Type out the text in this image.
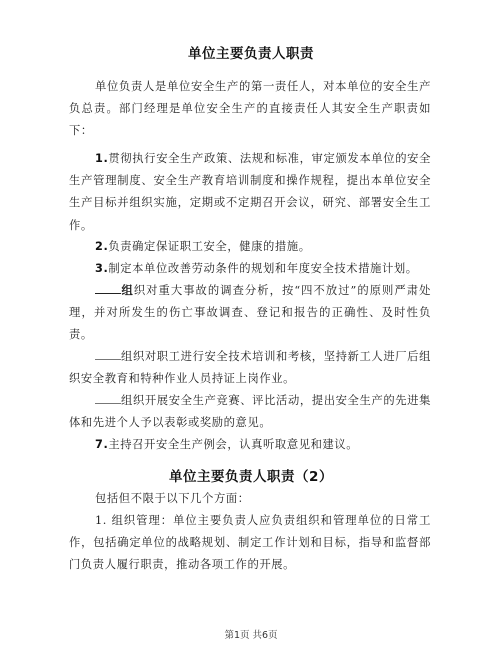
单位主要负责人职责
单位负责人是单位安全生产的第一责任人，对本单位的安全生产负总责。部门经理是单位安全生产的直接责任人其安全生产职责如下：
1.贯彻执行安全生产政策、法规和标准，审定颁发本单位的安全生产管理制度、安全生产教育培训制度和操作规程，提出本单位安全生产目标并组织实施，定期或不定期召开会议，研究、部署安全生工作。
2.负责确定保证职工安全，健康的措施。
3.制定本单位改善劳动条件的规划和年度安全技术措施计划。
组织对重大事故的调查分析，按“四不放过”的原则严肃处理，并对所发生的伤亡事故调查、登记和报告的正确性、及时性负责。
组织对职工进行安全技术培训和考核，坚持新工人进厂后组织安全教育和特种作业人员持证上岗作业。
组织开展安全生产竞赛、评比活动，提出安全生产的先进集体和先进个人予以表彰或奖励的意见。
7.主持召开安全生产例会，认真听取意见和建议。
单位主要负责人职责（2）
包括但不限于以下几个方面：
1. 组织管理：单位主要负责人应负责组织和管理单位的日常工作，包括确定单位的战略规划、制定工作计划和目标，指导和监督部门负责人履行职责，推动各项工作的开展。
第1页 共6页
